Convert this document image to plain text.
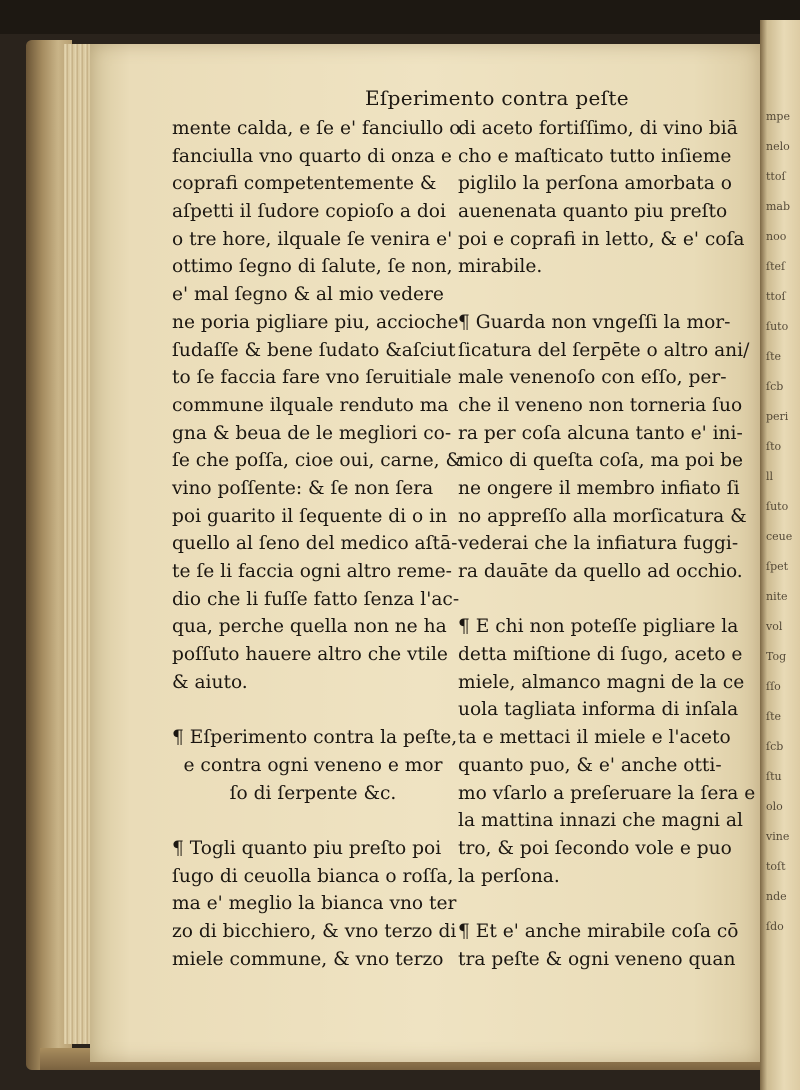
mpe
nelo
ttoſ
mab
noo
ſteſ
ttoſ
ſuto
ſte
ſcb
peri
ſto
ll
ſuto
ceue
ſpet
nite
vol
Tog
ſſo
ſte
ſcb
ſtu
olo
vine
toſt
nde
ſdo
Eſperimento contra peſte
mente calda, e ſe e' fanciullo o
fanciulla vno quarto di onza e
coprafi competentemente &
aſpetti il ſudore copioſo a doi
o tre hore, ilquale ſe venira e'
ottimo ſegno di ſalute, ſe non,
e' mal ſegno & al mio vedere
ne poria pigliare piu, accioche
ſudaſſe & bene ſudato &aſciut
to ſe faccia fare vno ſeruitiale
commune ilquale renduto ma
gna & beua de le megliori co-
ſe che poſſa, cioe oui, carne, &
vino poſſente: & ſe non ſera
poi guarito il ſequente di o in
quello al ſeno del medico aſtā-
te ſe li faccia ogni altro reme-
dio che li fuſſe fatto ſenza l'ac-
qua, perche quella non ne ha
poſſuto hauere altro che vtile
& aiuto.
¶ Eſperimento contra la peſte,
e contra ogni veneno e mor
ſo di ſerpente &c.
¶ Togli quanto piu preſto poi
ſugo di ceuolla bianca o roſſa,
ma e' meglio la bianca vno ter
zo di bicchiero, & vno terzo di
miele commune, & vno terzo
di aceto fortiſſimo, di vino biā
cho e maſticato tutto inſieme
piglilo la perſona amorbata o
auenenata quanto piu preſto
poi e coprafi in letto, & e' coſa
mirabile.
¶ Guarda non vngeſſi la mor-
ſicatura del ſerpēte o altro ani/
male venenoſo con eſſo, per-
che il veneno non torneria ſuo
ra per coſa alcuna tanto e' ini-
mico di queſta coſa, ma poi be
ne ongere il membro infiato ſi
no appreſſo alla morſicatura &
vederai che la infiatura fuggi-
ra dauāte da quello ad occhio.
¶ E chi non poteſſe pigliare la
detta miſtione di ſugo, aceto e
miele, almanco magni de la ce
uola tagliata informa di inſala
ta e mettaci il miele e l'aceto
quanto puo, & e' anche otti-
mo vſarlo a preſeruare la ſera e
la mattina innazi che magni al
tro, & poi ſecondo vole e puo
la perſona.
¶ Et e' anche mirabile coſa cō
tra peſte & ogni veneno quan
